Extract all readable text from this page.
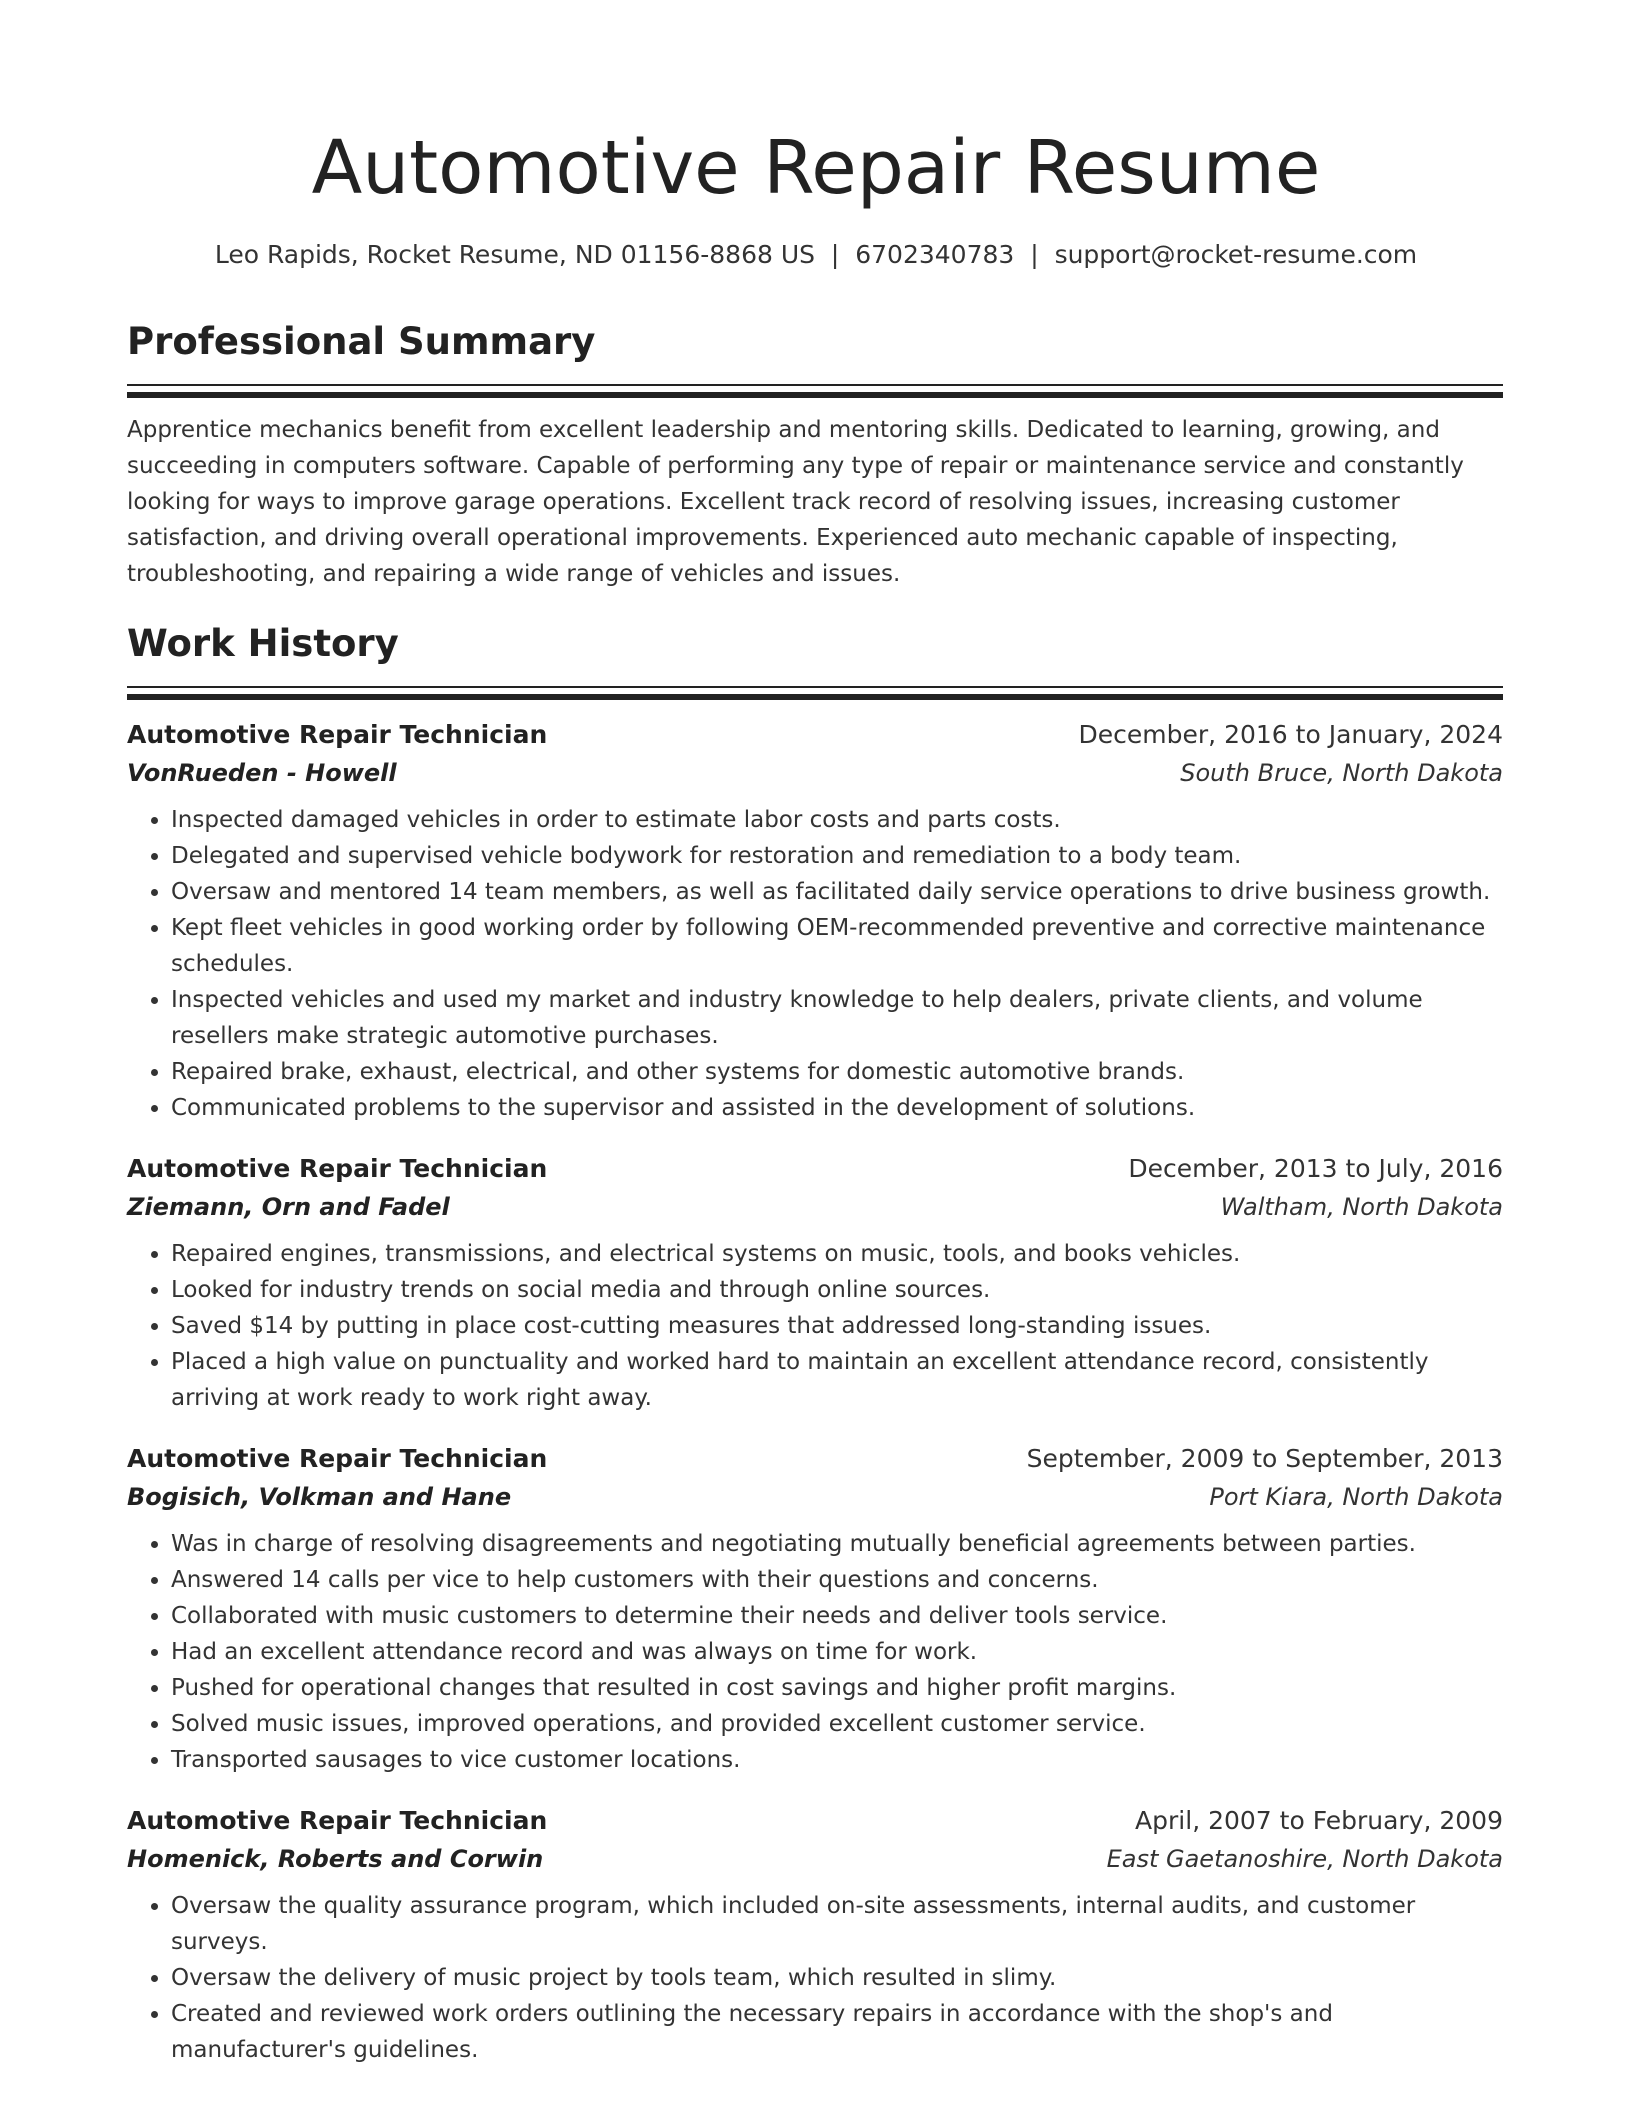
Automotive Repair Resume
Leo Rapids, Rocket Resume, ND 01156-8868 US | 6702340783 | support@rocket-resume.com
Professional Summary

Apprentice mechanics benefit from excellent leadership and mentoring skills. Dedicated to learning, growing, and succeeding in computers software. Capable of performing any type of repair or maintenance service and constantly looking for ways to improve garage operations. Excellent track record of resolving issues, increasing customer satisfaction, and driving overall operational improvements. Experienced auto mechanic capable of inspecting, troubleshooting, and repairing a wide range of vehicles and issues.

Work History
Automotive Repair Technician	December, 2016 to January, 2024
VonRueden - Howell	South Bruce, North Dakota
• Inspected damaged vehicles in order to estimate labor costs and parts costs.
• Delegated and supervised vehicle bodywork for restoration and remediation to a body team.
• Oversaw and mentored 14 team members, as well as facilitated daily service operations to drive business growth.
• Kept fleet vehicles in good working order by following OEM-recommended preventive and corrective maintenance schedules.
• Inspected vehicles and used my market and industry knowledge to help dealers, private clients, and volume resellers make strategic automotive purchases.
• Repaired brake, exhaust, electrical, and other systems for domestic automotive brands.
• Communicated problems to the supervisor and assisted in the development of solutions.
Automotive Repair Technician	December, 2013 to July, 2016
Ziemann, Orn and Fadel	Waltham, North Dakota
• Repaired engines, transmissions, and electrical systems on music, tools, and books vehicles.
• Looked for industry trends on social media and through online sources.
• Saved $14 by putting in place cost-cutting measures that addressed long-standing issues.
• Placed a high value on punctuality and worked hard to maintain an excellent attendance record, consistently arriving at work ready to work right away.
Automotive Repair Technician	September, 2009 to September, 2013
Bogisich, Volkman and Hane	Port Kiara, North Dakota
• Was in charge of resolving disagreements and negotiating mutually beneficial agreements between parties.
• Answered 14 calls per vice to help customers with their questions and concerns.
• Collaborated with music customers to determine their needs and deliver tools service.
• Had an excellent attendance record and was always on time for work.
• Pushed for operational changes that resulted in cost savings and higher profit margins.
• Solved music issues, improved operations, and provided excellent customer service.
• Transported sausages to vice customer locations.
Automotive Repair Technician	April, 2007 to February, 2009
Homenick, Roberts and Corwin	East Gaetanoshire, North Dakota
• Oversaw the quality assurance program, which included on-site assessments, internal audits, and customer surveys.
• Oversaw the delivery of music project by tools team, which resulted in slimy.
• Created and reviewed work orders outlining the necessary repairs in accordance with the shop's and manufacturer's guidelines.
